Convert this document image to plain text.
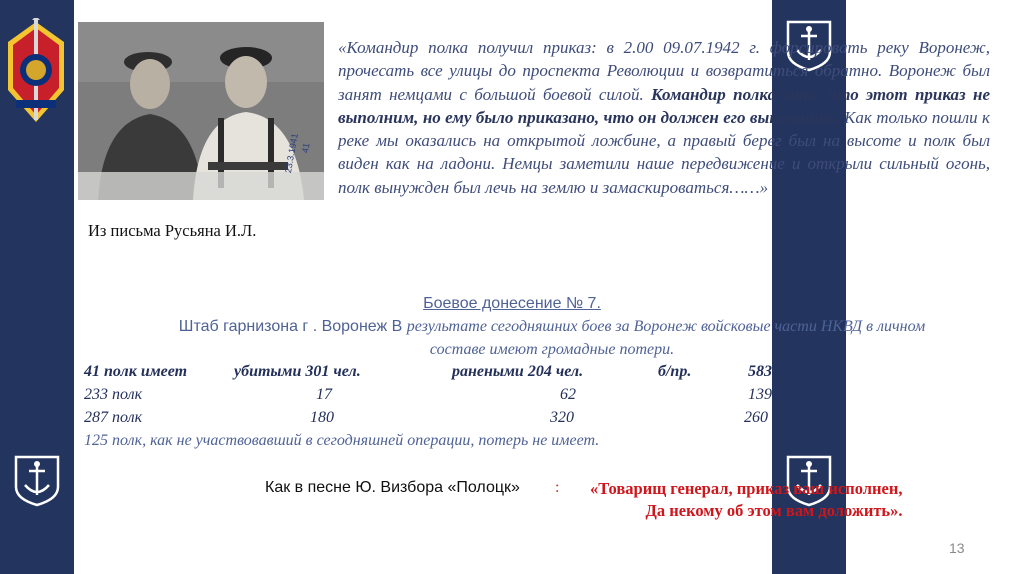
23.3.1941 41
Из письма Русьяна И.Л.
«Командир полка получил приказ: в 2.00 09.07.1942 г. форсировать реку Воронеж, прочесать все улицы до проспекта Революции и возвратиться обратно. Воронеж был занят немцами с большой боевой силой. Командир полка знал, что этот приказ не выполним, но ему было приказано, что он должен его выполнить. Как только пошли к реке мы оказались на открытой ложбине, а правый берег был на высоте и полк был виден как на ладони. Немцы заметили наше передвижение и открыли сильный огонь, полк вынужден был лечь на землю и замаскироваться……»
Боевое донесение № 7.
Штаб гарнизона г . Воронеж В результате сегодняшних боев за Воронеж войсковые части НКВД в личном
составе имеют громадные потери.
41 полк имеет	убитыми 301 чел.	ранеными 204 чел.	б/пр.	583
233 полк	17	62	139
287 полк	180	320	260
125 полк, как не участвовавший в сегодняшней операции, потерь не имеет.
Как в песне Ю. Визбора «Полоцк» : «Товарищ генерал, приказ ваш исполнен,
Да некому об этом вам доложить».
13
